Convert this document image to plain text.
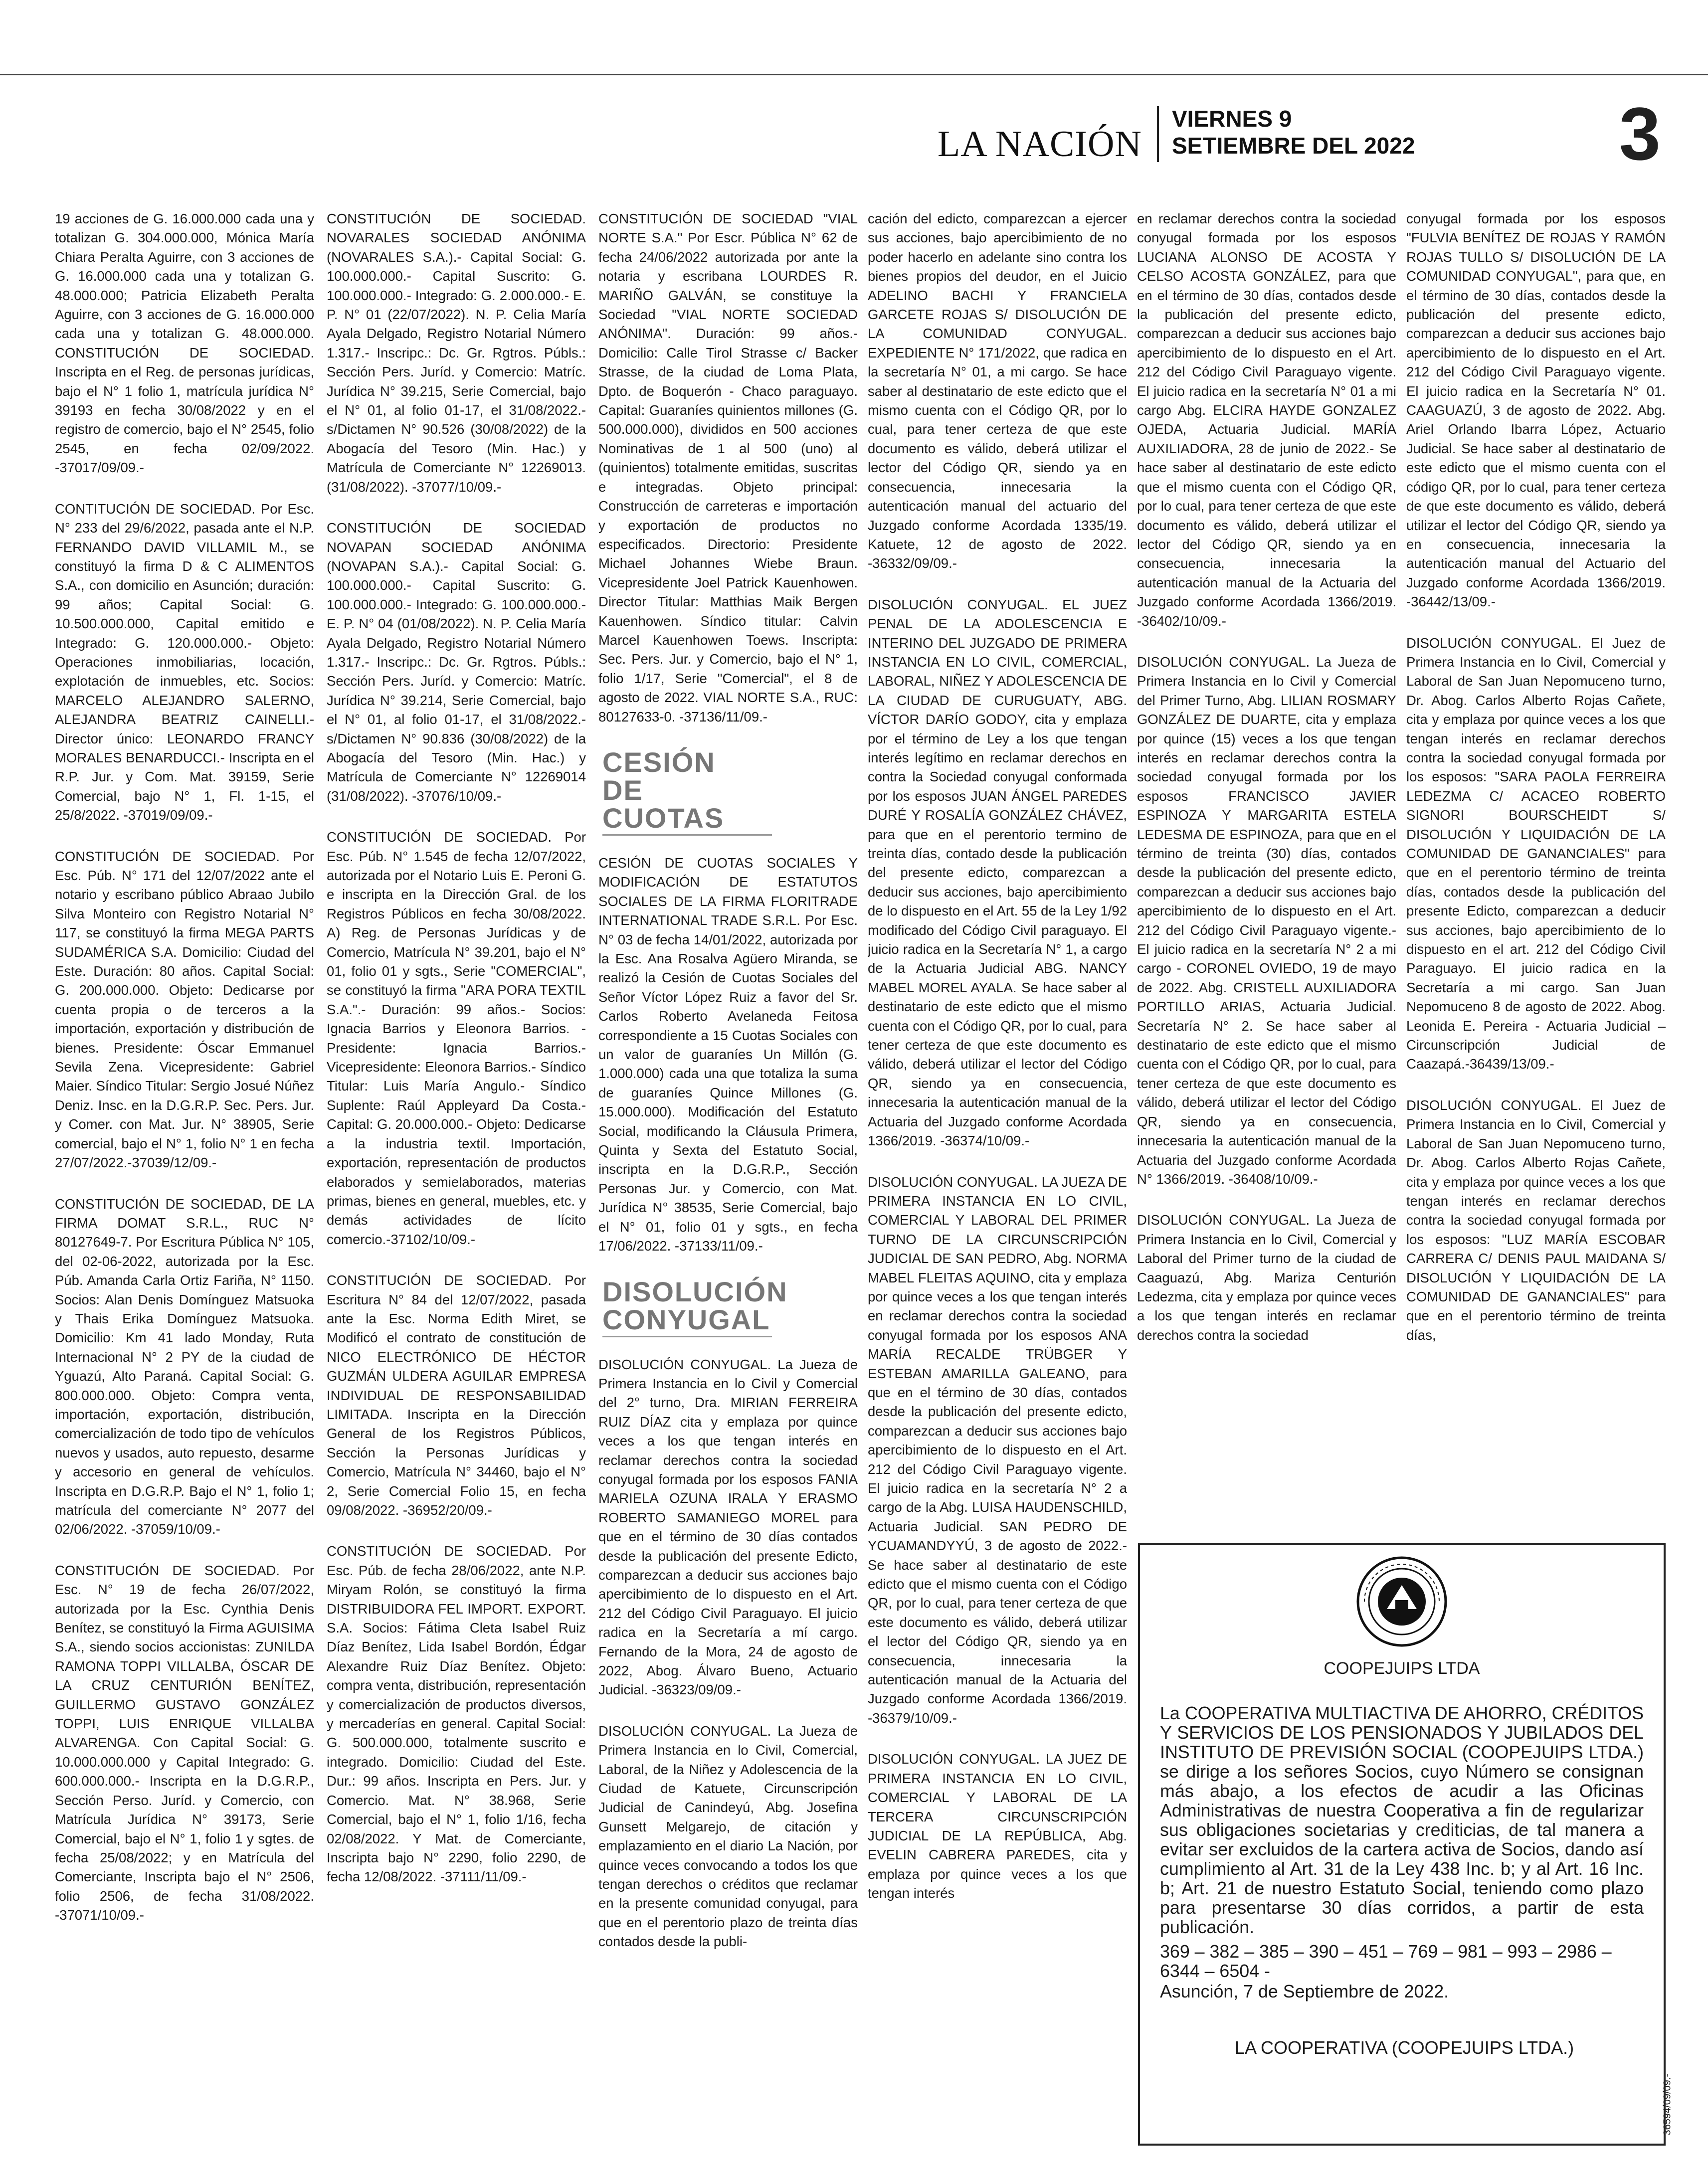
LA NACIÓN
VIERNES 9
SETIEMBRE DEL 2022	3

19 acciones de G. 16.000.000 cada una y totalizan G. 304.000.000, Mónica María Chiara Peralta Aguirre, con 3 acciones de G. 16.000.000 cada una y totalizan G. 48.000.000; Patricia Elizabeth Peralta Aguirre, con 3 acciones de G. 16.000.000 cada una y totalizan G. 48.000.000. CONSTITUCIÓN DE SOCIEDAD. Inscripta en el Reg. de personas jurídicas, bajo el N° 1 folio 1, matrícula jurídica N° 39193 en fecha 30/08/2022 y en el registro de comercio, bajo el N° 2545, folio 2545, en fecha 02/09/2022. -37017/09/09.-

CONTITUCIÓN DE SOCIEDAD. Por Esc. N° 233 del 29/6/2022, pasada ante el N.P. FERNANDO DAVID VILLAMIL M., se constituyó la firma D & C ALIMENTOS S.A., con domicilio en Asunción; duración: 99 años; Capital Social: G. 10.500.000.000, Capital emitido e Integrado: G. 120.000.000.- Objeto: Operaciones inmobiliarias, locación, explotación de inmuebles, etc. Socios: MARCELO ALEJANDRO SALERNO, ALEJANDRA BEATRIZ CAINELLI.- Director único: LEONARDO FRANCY MORALES BENARDUCCI.- Inscripta en el R.P. Jur. y Com. Mat. 39159, Serie Comercial, bajo N° 1, Fl. 1-15, el 25/8/2022. -37019/09/09.-

CONSTITUCIÓN DE SOCIEDAD. Por Esc. Púb. N° 171 del 12/07/2022 ante el notario y escribano público Abraao Jubilo Silva Monteiro con Registro Notarial N° 117, se constituyó la firma MEGA PARTS SUDAMÉRICA S.A. Domicilio: Ciudad del Este. Duración: 80 años. Capital Social: G. 200.000.000. Objeto: Dedicarse por cuenta propia o de terceros a la importación, exportación y distribución de bienes. Presidente: Óscar Emmanuel Sevila Zena. Vicepresidente: Gabriel Maier. Síndico Titular: Sergio Josué Núñez Deniz. Insc. en la D.G.R.P. Sec. Pers. Jur. y Comer. con Mat. Jur. N° 38905, Serie comercial, bajo el N° 1, folio N° 1 en fecha 27/07/2022.-37039/12/09.-

CONSTITUCIÓN DE SOCIEDAD, DE LA FIRMA DOMAT S.R.L., RUC N° 80127649-7. Por Escritura Pública N° 105, del 02-06-2022, autorizada por la Esc. Púb. Amanda Carla Ortiz Fariña, N° 1150. Socios: Alan Denis Domínguez Matsuoka y Thais Erika Domínguez Matsuoka. Domicilio: Km 41 lado Monday, Ruta Internacional N° 2 PY de la ciudad de Yguazú, Alto Paraná. Capital Social: G. 800.000.000. Objeto: Compra venta, importación, exportación, distribución, comercialización de todo tipo de vehículos nuevos y usados, auto repuesto, desarme y accesorio en general de vehículos. Inscripta en D.G.R.P. Bajo el N° 1, folio 1; matrícula del comerciante N° 2077 del 02/06/2022. -37059/10/09.-

CONSTITUCIÓN DE SOCIEDAD. Por Esc. N° 19 de fecha 26/07/2022, autorizada por la Esc. Cynthia Denis Benítez, se constituyó la Firma AGUISIMA S.A., siendo socios accionistas: ZUNILDA RAMONA TOPPI VILLALBA, ÓSCAR DE LA CRUZ CENTURIÓN BENÍTEZ, GUILLERMO GUSTAVO GONZÁLEZ TOPPI, LUIS ENRIQUE VILLALBA ALVARENGA. Con Capital Social: G. 10.000.000.000 y Capital Integrado: G. 600.000.000.- Inscripta en la D.G.R.P., Sección Perso. Juríd. y Comercio, con Matrícula Jurídica N° 39173, Serie Comercial, bajo el N° 1, folio 1 y sgtes. de fecha 25/08/2022; y en Matrícula del Comerciante, Inscripta bajo el N° 2506, folio 2506, de fecha 31/08/2022. -37071/10/09.-

CONSTITUCIÓN DE SOCIEDAD. NOVARALES SOCIEDAD ANÓNIMA (NOVARALES S.A.).- Capital Social: G. 100.000.000.- Capital Suscrito: G. 100.000.000.- Integrado: G. 2.000.000.- E. P. N° 01 (22/07/2022). N. P. Celia María Ayala Delgado, Registro Notarial Número 1.317.- Inscripc.: Dc. Gr. Rgtros. Públs.: Sección Pers. Juríd. y Comercio: Matríc. Jurídica N° 39.215, Serie Comercial, bajo el N° 01, al folio 01-17, el 31/08/2022.- s/Dictamen N° 90.526 (30/08/2022) de la Abogacía del Tesoro (Min. Hac.) y Matrícula de Comerciante N° 12269013. (31/08/2022). -37077/10/09.-

CONSTITUCIÓN DE SOCIEDAD NOVAPAN SOCIEDAD ANÓNIMA (NOVAPAN S.A.).- Capital Social: G. 100.000.000.- Capital Suscrito: G. 100.000.000.- Integrado: G. 100.000.000.- E. P. N° 04 (01/08/2022). N. P. Celia María Ayala Delgado, Registro Notarial Número 1.317.- Inscripc.: Dc. Gr. Rgtros. Públs.: Sección Pers. Juríd. y Comercio: Matríc. Jurídica N° 39.214, Serie Comercial, bajo el N° 01, al folio 01-17, el 31/08/2022.- s/Dictamen N° 90.836 (30/08/2022) de la Abogacía del Tesoro (Min. Hac.) y Matrícula de Comerciante N° 12269014 (31/08/2022). -37076/10/09.-

CONSTITUCIÓN DE SOCIEDAD. Por Esc. Púb. N° 1.545 de fecha 12/07/2022, autorizada por el Notario Luis E. Peroni G. e inscripta en la Dirección Gral. de los Registros Públicos en fecha 30/08/2022. A) Reg. de Personas Jurídicas y de Comercio, Matrícula N° 39.201, bajo el N° 01, folio 01 y sgts., Serie "COMERCIAL", se constituyó la firma "ARA PORA TEXTIL S.A.".- Duración: 99 años.- Socios: Ignacia Barrios y Eleonora Barrios. - Presidente: Ignacia Barrios.- Vicepresidente: Eleonora Barrios.- Síndico Titular: Luis María Angulo.- Síndico Suplente: Raúl Appleyard Da Costa.- Capital: G. 20.000.000.- Objeto: Dedicarse a la industria textil. Importación, exportación, representación de productos elaborados y semielaborados, materias primas, bienes en general, muebles, etc. y demás actividades de lícito comercio.-37102/10/09.-

CONSTITUCIÓN DE SOCIEDAD. Por Escritura N° 84 del 12/07/2022, pasada ante la Esc. Norma Edith Miret, se Modificó el contrato de constitución de NICO ELECTRÓNICO DE HÉCTOR GUZMÁN ULDERA AGUILAR EMPRESA INDIVIDUAL DE RESPONSABILIDAD LIMITADA. Inscripta en la Dirección General de los Registros Públicos, Sección la Personas Jurídicas y Comercio, Matrícula N° 34460, bajo el N° 2, Serie Comercial Folio 15, en fecha 09/08/2022. -36952/20/09.-

CONSTITUCIÓN DE SOCIEDAD. Por Esc. Púb. de fecha 28/06/2022, ante N.P. Miryam Rolón, se constituyó la firma DISTRIBUIDORA FEL IMPORT. EXPORT. S.A. Socios: Fátima Cleta Isabel Ruiz Díaz Benítez, Lida Isabel Bordón, Édgar Alexandre Ruiz Díaz Benítez. Objeto: compra venta, distribución, representación y comercialización de productos diversos, y mercaderías en general. Capital Social: G. 500.000.000, totalmente suscrito e integrado. Domicilio: Ciudad del Este. Dur.: 99 años. Inscripta en Pers. Jur. y Comercio. Mat. N° 38.968, Serie Comercial, bajo el N° 1, folio 1/16, fecha 02/08/2022. Y Mat. de Comerciante, Inscripta bajo N° 2290, folio 2290, de fecha 12/08/2022. -37111/11/09.-

CONSTITUCIÓN DE SOCIEDAD "VIAL NORTE S.A." Por Escr. Pública N° 62 de fecha 24/06/2022 autorizada por ante la notaria y escribana LOURDES R. MARIÑO GALVÁN, se constituye la Sociedad "VIAL NORTE SOCIEDAD ANÓNIMA". Duración: 99 años.- Domicilio: Calle Tirol Strasse c/ Backer Strasse, de la ciudad de Loma Plata, Dpto. de Boquerón - Chaco paraguayo. Capital: Guaraníes quinientos millones (G. 500.000.000), divididos en 500 acciones Nominativas de 1 al 500 (uno) al (quinientos) totalmente emitidas, suscritas e integradas. Objeto principal: Construcción de carreteras e importación y exportación de productos no especificados. Directorio: Presidente Michael Johannes Wiebe Braun. Vicepresidente Joel Patrick Kauenhowen. Director Titular: Matthias Maik Bergen Kauenhowen. Síndico titular: Calvin Marcel Kauenhowen Toews. Inscripta: Sec. Pers. Jur. y Comercio, bajo el N° 1, folio 1/17, Serie "Comercial", el 8 de agosto de 2022. VIAL NORTE S.A., RUC: 80127633-0. -37136/11/09.-

CESIÓN
DE CUOTAS

CESIÓN DE CUOTAS SOCIALES Y MODIFICACIÓN DE ESTATUTOS SOCIALES DE LA FIRMA FLORITRADE INTERNATIONAL TRADE S.R.L. Por Esc. N° 03 de fecha 14/01/2022, autorizada por la Esc. Ana Rosalva Agüero Miranda, se realizó la Cesión de Cuotas Sociales del Señor Víctor López Ruiz a favor del Sr. Carlos Roberto Avelaneda Feitosa correspondiente a 15 Cuotas Sociales con un valor de guaraníes Un Millón (G. 1.000.000) cada una que totaliza la suma de guaraníes Quince Millones (G. 15.000.000). Modificación del Estatuto Social, modificando la Cláusula Primera, Quinta y Sexta del Estatuto Social, inscripta en la D.G.R.P., Sección Personas Jur. y Comercio, con Mat. Jurídica N° 38535, Serie Comercial, bajo el N° 01, folio 01 y sgts., en fecha 17/06/2022. -37133/11/09.-

DISOLUCIÓN
CONYUGAL

DISOLUCIÓN CONYUGAL. La Jueza de Primera Instancia en lo Civil y Comercial del 2° turno, Dra. MIRIAN FERREIRA RUIZ DÍAZ cita y emplaza por quince veces a los que tengan interés en reclamar derechos contra la sociedad conyugal formada por los esposos FANIA MARIELA OZUNA IRALA Y ERASMO ROBERTO SAMANIEGO MOREL para que en el término de 30 días contados desde la publicación del presente Edicto, comparezcan a deducir sus acciones bajo apercibimiento de lo dispuesto en el Art. 212 del Código Civil Paraguayo. El juicio radica en la Secretaría a mí cargo. Fernando de la Mora, 24 de agosto de 2022, Abog. Álvaro Bueno, Actuario Judicial. -36323/09/09.-

DISOLUCIÓN CONYUGAL. La Jueza de Primera Instancia en lo Civil, Comercial, Laboral, de la Niñez y Adolescencia de la Ciudad de Katuete, Circunscripción Judicial de Canindeyú, Abg. Josefina Gunsett Melgarejo, de citación y emplazamiento en el diario La Nación, por quince veces convocando a todos los que tengan derechos o créditos que reclamar en la presente comunidad conyugal, para que en el perentorio plazo de treinta días contados desde la publi-

cación del edicto, comparezcan a ejercer sus acciones, bajo apercibimiento de no poder hacerlo en adelante sino contra los bienes propios del deudor, en el Juicio ADELINO BACHI Y FRANCIELA GARCETE ROJAS S/ DISOLUCIÓN DE LA COMUNIDAD CONYUGAL. EXPEDIENTE N° 171/2022, que radica en la secretaría N° 01, a mi cargo. Se hace saber al destinatario de este edicto que el mismo cuenta con el Código QR, por lo cual, para tener certeza de que este documento es válido, deberá utilizar el lector del Código QR, siendo ya en consecuencia, innecesaria la autenticación manual del actuario del Juzgado conforme Acordada 1335/19. Katuete, 12 de agosto de 2022. -36332/09/09.-

DISOLUCIÓN CONYUGAL. EL JUEZ PENAL DE LA ADOLESCENCIA E INTERINO DEL JUZGADO DE PRIMERA INSTANCIA EN LO CIVIL, COMERCIAL, LABORAL, NIÑEZ Y ADOLESCENCIA DE LA CIUDAD DE CURUGUATY, ABG. VÍCTOR DARÍO GODOY, cita y emplaza por el término de Ley a los que tengan interés legítimo en reclamar derechos en contra la Sociedad conyugal conformada por los esposos JUAN ÁNGEL PAREDES DURÉ Y ROSALÍA GONZÁLEZ CHÁVEZ, para que en el perentorio termino de treinta días, contado desde la publicación del presente edicto, comparezcan a deducir sus acciones, bajo apercibimiento de lo dispuesto en el Art. 55 de la Ley 1/92 modificado del Código Civil paraguayo. El juicio radica en la Secretaría N° 1, a cargo de la Actuaria Judicial ABG. NANCY MABEL MOREL AYALA. Se hace saber al destinatario de este edicto que el mismo cuenta con el Código QR, por lo cual, para tener certeza de que este documento es válido, deberá utilizar el lector del Código QR, siendo ya en consecuencia, innecesaria la autenticación manual de la Actuaria del Juzgado conforme Acordada 1366/2019. -36374/10/09.-

DISOLUCIÓN CONYUGAL. LA JUEZA DE PRIMERA INSTANCIA EN LO CIVIL, COMERCIAL Y LABORAL DEL PRIMER TURNO DE LA CIRCUNSCRIPCIÓN JUDICIAL DE SAN PEDRO, Abg. NORMA MABEL FLEITAS AQUINO, cita y emplaza por quince veces a los que tengan interés en reclamar derechos contra la sociedad conyugal formada por los esposos ANA MARÍA RECALDE TRÜBGER Y ESTEBAN AMARILLA GALEANO, para que en el término de 30 días, contados desde la publicación del presente edicto, comparezcan a deducir sus acciones bajo apercibimiento de lo dispuesto en el Art. 212 del Código Civil Paraguayo vigente. El juicio radica en la secretaría N° 2 a cargo de la Abg. LUISA HAUDENSCHILD, Actuaria Judicial. SAN PEDRO DE YCUAMANDYYÚ, 3 de agosto de 2022.- Se hace saber al destinatario de este edicto que el mismo cuenta con el Código QR, por lo cual, para tener certeza de que este documento es válido, deberá utilizar el lector del Código QR, siendo ya en consecuencia, innecesaria la autenticación manual de la Actuaria del Juzgado conforme Acordada 1366/2019. -36379/10/09.-

DISOLUCIÓN CONYUGAL. LA JUEZ DE PRIMERA INSTANCIA EN LO CIVIL, COMERCIAL Y LABORAL DE LA TERCERA CIRCUNSCRIPCIÓN JUDICIAL DE LA REPÚBLICA, Abg. EVELIN CABRERA PAREDES, cita y emplaza por quince veces a los que tengan interés

en reclamar derechos contra la sociedad conyugal formada por los esposos LUCIANA ALONSO DE ACOSTA Y CELSO ACOSTA GONZÁLEZ, para que en el término de 30 días, contados desde la publicación del presente edicto, comparezcan a deducir sus acciones bajo apercibimiento de lo dispuesto en el Art. 212 del Código Civil Paraguayo vigente. El juicio radica en la secretaría N° 01 a mi cargo Abg. ELCIRA HAYDE GONZALEZ OJEDA, Actuaria Judicial. MARÍA AUXILIADORA, 28 de junio de 2022.- Se hace saber al destinatario de este edicto que el mismo cuenta con el Código QR, por lo cual, para tener certeza de que este documento es válido, deberá utilizar el lector del Código QR, siendo ya en consecuencia, innecesaria la autenticación manual de la Actuaria del Juzgado conforme Acordada 1366/2019. -36402/10/09.-

DISOLUCIÓN CONYUGAL. La Jueza de Primera Instancia en lo Civil y Comercial del Primer Turno, Abg. LILIAN ROSMARY GONZÁLEZ DE DUARTE, cita y emplaza por quince (15) veces a los que tengan interés en reclamar derechos contra la sociedad conyugal formada por los esposos FRANCISCO JAVIER ESPINOZA Y MARGARITA ESTELA LEDESMA DE ESPINOZA, para que en el término de treinta (30) días, contados desde la publicación del presente edicto, comparezcan a deducir sus acciones bajo apercibimiento de lo dispuesto en el Art. 212 del Código Civil Paraguayo vigente.- El juicio radica en la secretaría N° 2 a mi cargo - CORONEL OVIEDO, 19 de mayo de 2022. Abg. CRISTELL AUXILIADORA PORTILLO ARIAS, Actuaria Judicial. Secretaría N° 2. Se hace saber al destinatario de este edicto que el mismo cuenta con el Código QR, por lo cual, para tener certeza de que este documento es válido, deberá utilizar el lector del Código QR, siendo ya en consecuencia, innecesaria la autenticación manual de la Actuaria del Juzgado conforme Acordada N° 1366/2019. -36408/10/09.-

DISOLUCIÓN CONYUGAL. La Jueza de Primera Instancia en lo Civil, Comercial y Laboral del Primer turno de la ciudad de Caaguazú, Abg. Mariza Centurión Ledezma, cita y emplaza por quince veces a los que tengan interés en reclamar derechos contra la sociedad

conyugal formada por los esposos "FULVIA BENÍTEZ DE ROJAS Y RAMÓN ROJAS TULLO S/ DISOLUCIÓN DE LA COMUNIDAD CONYUGAL", para que, en el término de 30 días, contados desde la publicación del presente edicto, comparezcan a deducir sus acciones bajo apercibimiento de lo dispuesto en el Art. 212 del Código Civil Paraguayo vigente. El juicio radica en la Secretaría N° 01. CAAGUAZÚ, 3 de agosto de 2022. Abg. Ariel Orlando Ibarra López, Actuario Judicial. Se hace saber al destinatario de este edicto que el mismo cuenta con el código QR, por lo cual, para tener certeza de que este documento es válido, deberá utilizar el lector del Código QR, siendo ya en consecuencia, innecesaria la autenticación manual del Actuario del Juzgado conforme Acordada 1366/2019. -36442/13/09.-

DISOLUCIÓN CONYUGAL. El Juez de Primera Instancia en lo Civil, Comercial y Laboral de San Juan Nepomuceno turno, Dr. Abog. Carlos Alberto Rojas Cañete, cita y emplaza por quince veces a los que tengan interés en reclamar derechos contra la sociedad conyugal formada por los esposos: "SARA PAOLA FERREIRA LEDEZMA C/ ACACEO ROBERTO SIGNORI BOURSCHEIDT S/ DISOLUCIÓN Y LIQUIDACIÓN DE LA COMUNIDAD DE GANANCIALES" para que en el perentorio término de treinta días, contados desde la publicación del presente Edicto, comparezcan a deducir sus acciones, bajo apercibimiento de lo dispuesto en el art. 212 del Código Civil Paraguayo. El juicio radica en la Secretaría a mi cargo. San Juan Nepomuceno 8 de agosto de 2022. Abog. Leonida E. Pereira - Actuaria Judicial – Circunscripción Judicial de Caazapá.-36439/13/09.-

DISOLUCIÓN CONYUGAL. El Juez de Primera Instancia en lo Civil, Comercial y Laboral de San Juan Nepomuceno turno, Dr. Abog. Carlos Alberto Rojas Cañete, cita y emplaza por quince veces a los que tengan interés en reclamar derechos contra la sociedad conyugal formada por los esposos: "LUZ MARÍA ESCOBAR CARRERA C/ DENIS PAUL MAIDANA S/ DISOLUCIÓN Y LIQUIDACIÓN DE LA COMUNIDAD DE GANANCIALES" para que en el perentorio término de treinta días,

COOPEJUIPS LTDA
La COOPERATIVA MULTIACTIVA DE AHORRO, CRÉDITOS Y SERVICIOS DE LOS PENSIONADOS Y JUBILADOS DEL INSTITUTO DE PREVISIÓN SOCIAL (COOPEJUIPS LTDA.) se dirige a los señores Socios, cuyo Número se consignan más abajo, a los efectos de acudir a las Oficinas Administrativas de nuestra Cooperativa a fin de regularizar sus obligaciones societarias y crediticias, de tal manera a evitar ser excluidos de la cartera activa de Socios, dando así cumplimiento al Art. 31 de la Ley 438 Inc. b; y al Art. 16 Inc. b; Art. 21 de nuestro Estatuto Social, teniendo como plazo para presentarse 30 días corridos, a partir de esta publicación.
369 – 382 – 385 – 390 – 451 – 769 – 981 – 993 – 2986 – 6344 – 6504 -
Asunción, 7 de Septiembre de 2022.
LA COOPERATIVA (COOPEJUIPS LTDA.)
36594/09/09.-
